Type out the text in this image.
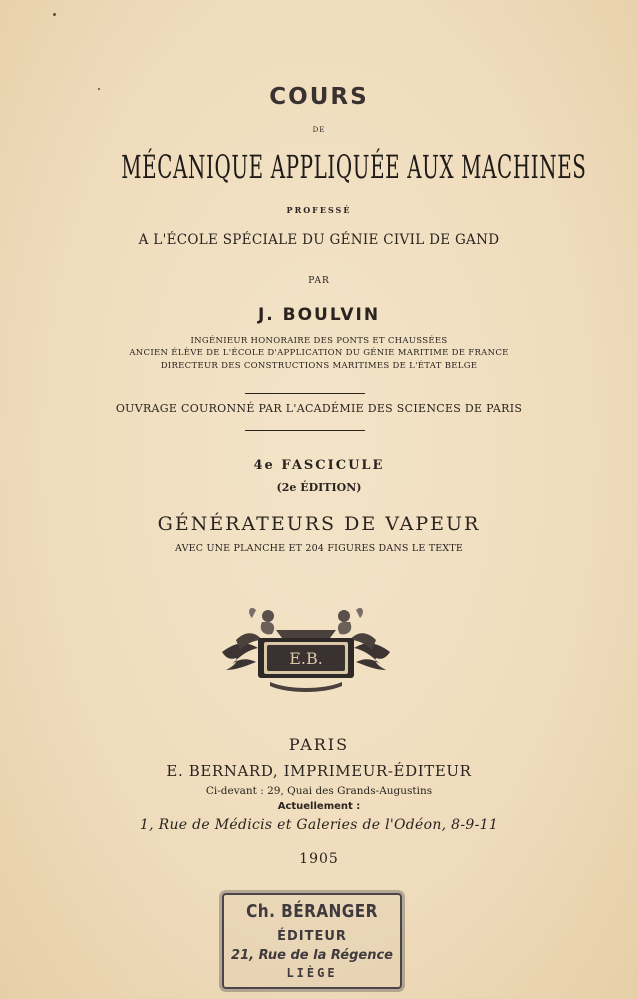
COURS
DE
MÉCANIQUE APPLIQUÉE AUX MACHINES
PROFESSÉ
A L'ÉCOLE SPÉCIALE DU GÉNIE CIVIL DE GAND
PAR
J. BOULVIN
INGÉNIEUR HONORAIRE DES PONTS ET CHAUSSÉES
ANCIEN ÉLÈVE DE L'ÉCOLE D'APPLICATION DU GÉNIE MARITIME DE FRANCE
DIRECTEUR DES CONSTRUCTIONS MARITIMES DE L'ÉTAT BELGE
OUVRAGE COURONNÉ PAR L'ACADÉMIE DES SCIENCES DE PARIS
4e FASCICULE
(2e ÉDITION)
GÉNÉRATEURS DE VAPEUR
AVEC UNE PLANCHE ET 204 FIGURES DANS LE TEXTE
E.B.
PARIS
E. BERNARD, IMPRIMEUR-ÉDITEUR
Ci-devant : 29, Quai des Grands-Augustins
Actuellement :
1, Rue de Médicis et Galeries de l'Odéon, 8-9-11
1905
Ch. BÉRANGER
ÉDITEUR
21, Rue de la Régence
LIÈGE
